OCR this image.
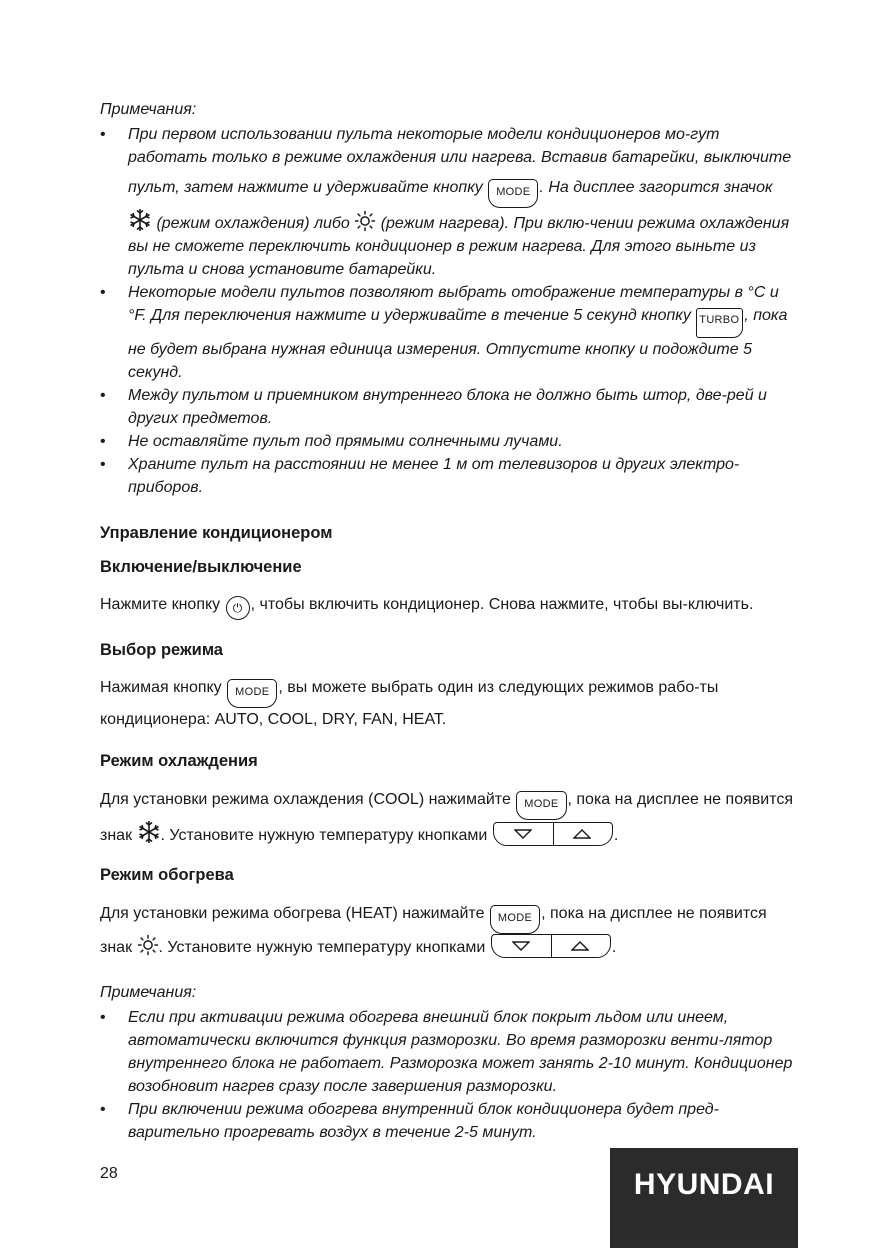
Примечания:
• При первом использовании пульта некоторые модели кондиционеров мо-гут работать только в режиме охлаждения или нагрева. Вставив батарейки, выключите пульт, затем нажмите и удерживайте кнопку MODE . На дисплее загорится значок  (режим охлаждения) либо (режим нагрева). При вклю-чении режима охлаждения вы не сможете переключить кондиционер в режим нагрева. Для этого выньте из пульта и снова установите батарейки.
• Некоторые модели пультов позволяют выбрать отображение температуры в °C и °F. Для переключения нажмите и удерживайте в течение 5 секунд кнопку TURBO , пока не будет выбрана нужная единица измерения. Отпустите кнопку и подождите 5 секунд.
• Между пультом и приемником внутреннего блока не должно быть штор, две-рей и других предметов.
• Не оставляйте пульт под прямыми солнечными лучами.
• Храните пульт на расстоянии не менее 1 м от телевизоров и других электро-приборов.
Управление кондиционером
Включение/выключение

Нажмите кнопку ⏻ , чтобы включить кондиционер. Снова нажмите, чтобы вы-ключить.

Выбор режима

Нажимая кнопку MODE , вы можете выбрать один из следующих режимов рабо-ты кондиционера: AUTO, COOL, DRY, FAN, HEAT.

Режим охлаждения

Для установки режима охлаждения (COOL) нажимайте MODE , пока на дисплее не появится знак . Установите нужную температуру кнопками	.

Режим обогрева

Для установки режима обогрева (HEAT) нажимайте MODE , пока на дисплее не появится знак . Установите нужную температуру кнопками	.

Примечания:
• Если при активации режима обогрева внешний блок покрыт льдом или инеем, автоматически включится функция разморозки. Во время разморозки венти-лятор внутреннего блока не работает. Разморозка может занять 2-10 минут. Кондиционер возобновит нагрев сразу после завершения разморозки.
• При включении режима обогрева внутренний блок кондиционера будет пред-варительно прогревать воздух в течение 2-5 минут.
28	HYUNDAI
